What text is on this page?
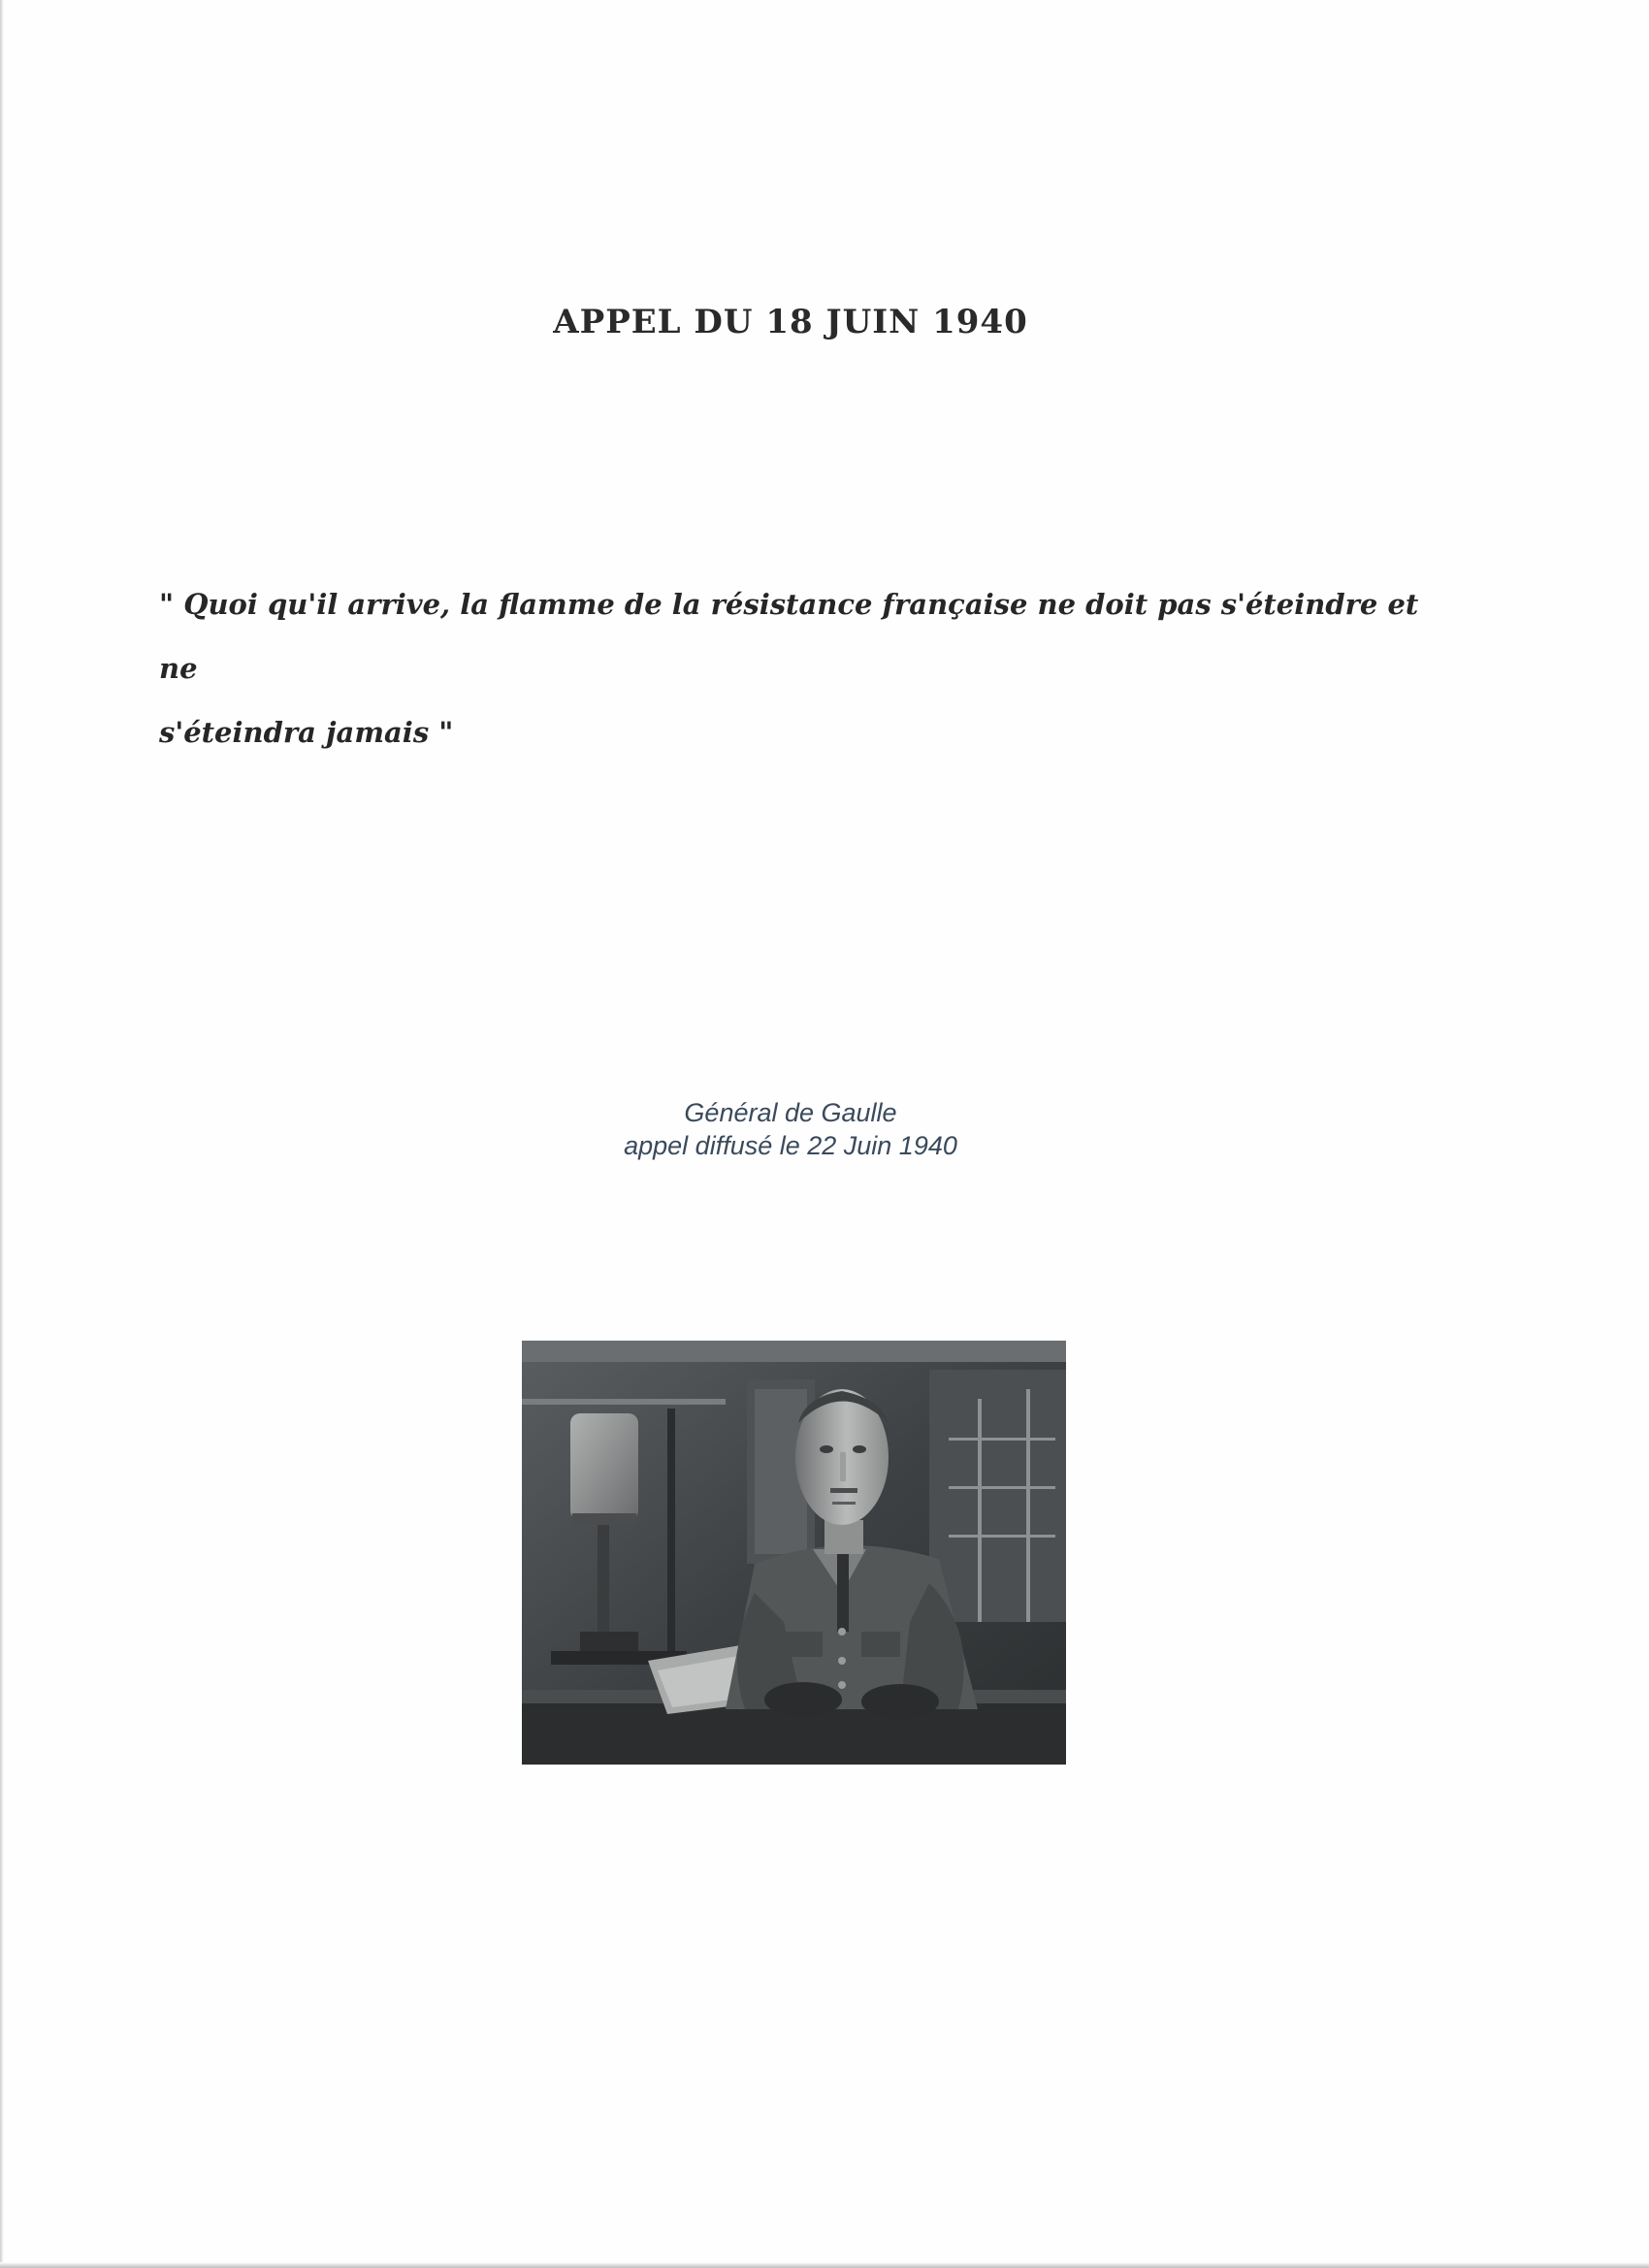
APPEL DU 18 JUIN 1940
" Quoi qu'il arrive, la flamme de la résistance française ne doit pas s'éteindre et ne
s'éteindra jamais "
Général de Gaulle
appel diffusé le 22 Juin 1940
